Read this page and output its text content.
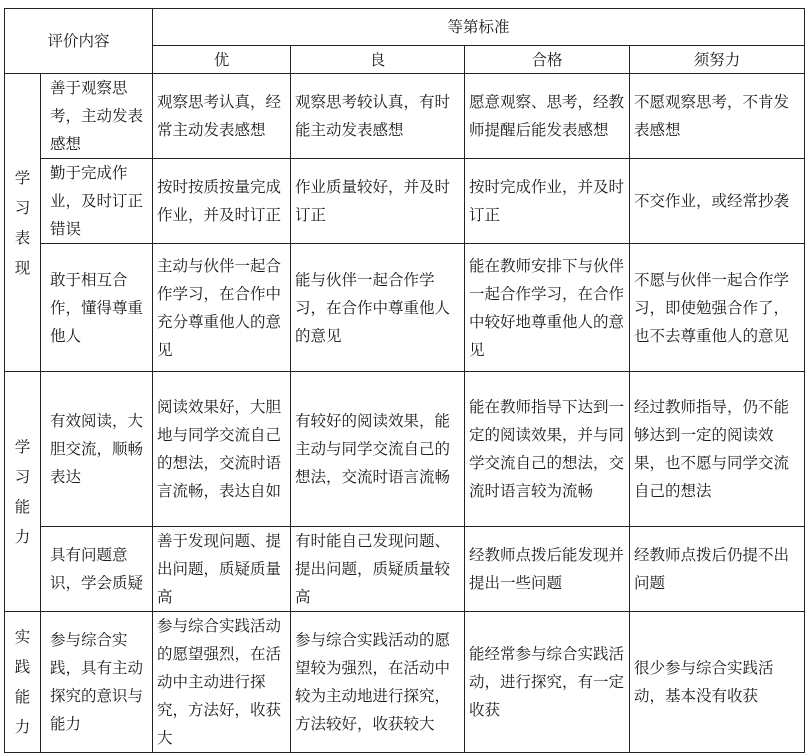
评价内容		等第标准			
		优	良	合格	须努力

学习表现	善于观察思考，主动发表感想	观察思考认真，经常主动发表感想	观察思考较认真，有时能主动发表感想	愿意观察、思考，经教师提醒后能发表感想	不愿观察思考，不肯发表感想
	勤于完成作业，及时订正错误	按时按质按量完成作业，并及时订正	作业质量较好，并及时订正	按时完成作业，并及时订正	不交作业，或经常抄袭
	敢于相互合作，懂得尊重他人	主动与伙伴一起合作学习，在合作中充分尊重他人的意见	能与伙伴一起合作学习，在合作中尊重他人的意见	能在教师安排下与伙伴一起合作学习，在合作中较好地尊重他人的意见	不愿与伙伴一起合作学习，即使勉强合作了，也不去尊重他人的意见

学习能力	有效阅读，大胆交流，顺畅表达	阅读效果好，大胆地与同学交流自己的想法，交流时语言流畅，表达自如	有较好的阅读效果，能主动与同学交流自己的想法，交流时语言流畅	能在教师指导下达到一定的阅读效果，并与同学交流自己的想法，交流时语言较为流畅	经过教师指导，仍不能够达到一定的阅读效果，也不愿与同学交流自己的想法
	具有问题意识，学会质疑	善于发现问题、提出问题，质疑质量高	有时能自己发现问题、提出问题，质疑质量较高	经教师点拨后能发现并提出一些问题	经教师点拨后仍提不出问题

实践能力	参与综合实践，具有主动探究的意识与能力	参与综合实践活动的愿望强烈，在活动中主动进行探究，方法好，收获大	参与综合实践活动的愿望较为强烈，在活动中较为主动地进行探究，方法较好，收获较大	能经常参与综合实践活动，进行探究，有一定收获	很少参与综合实践活动，基本没有收获
